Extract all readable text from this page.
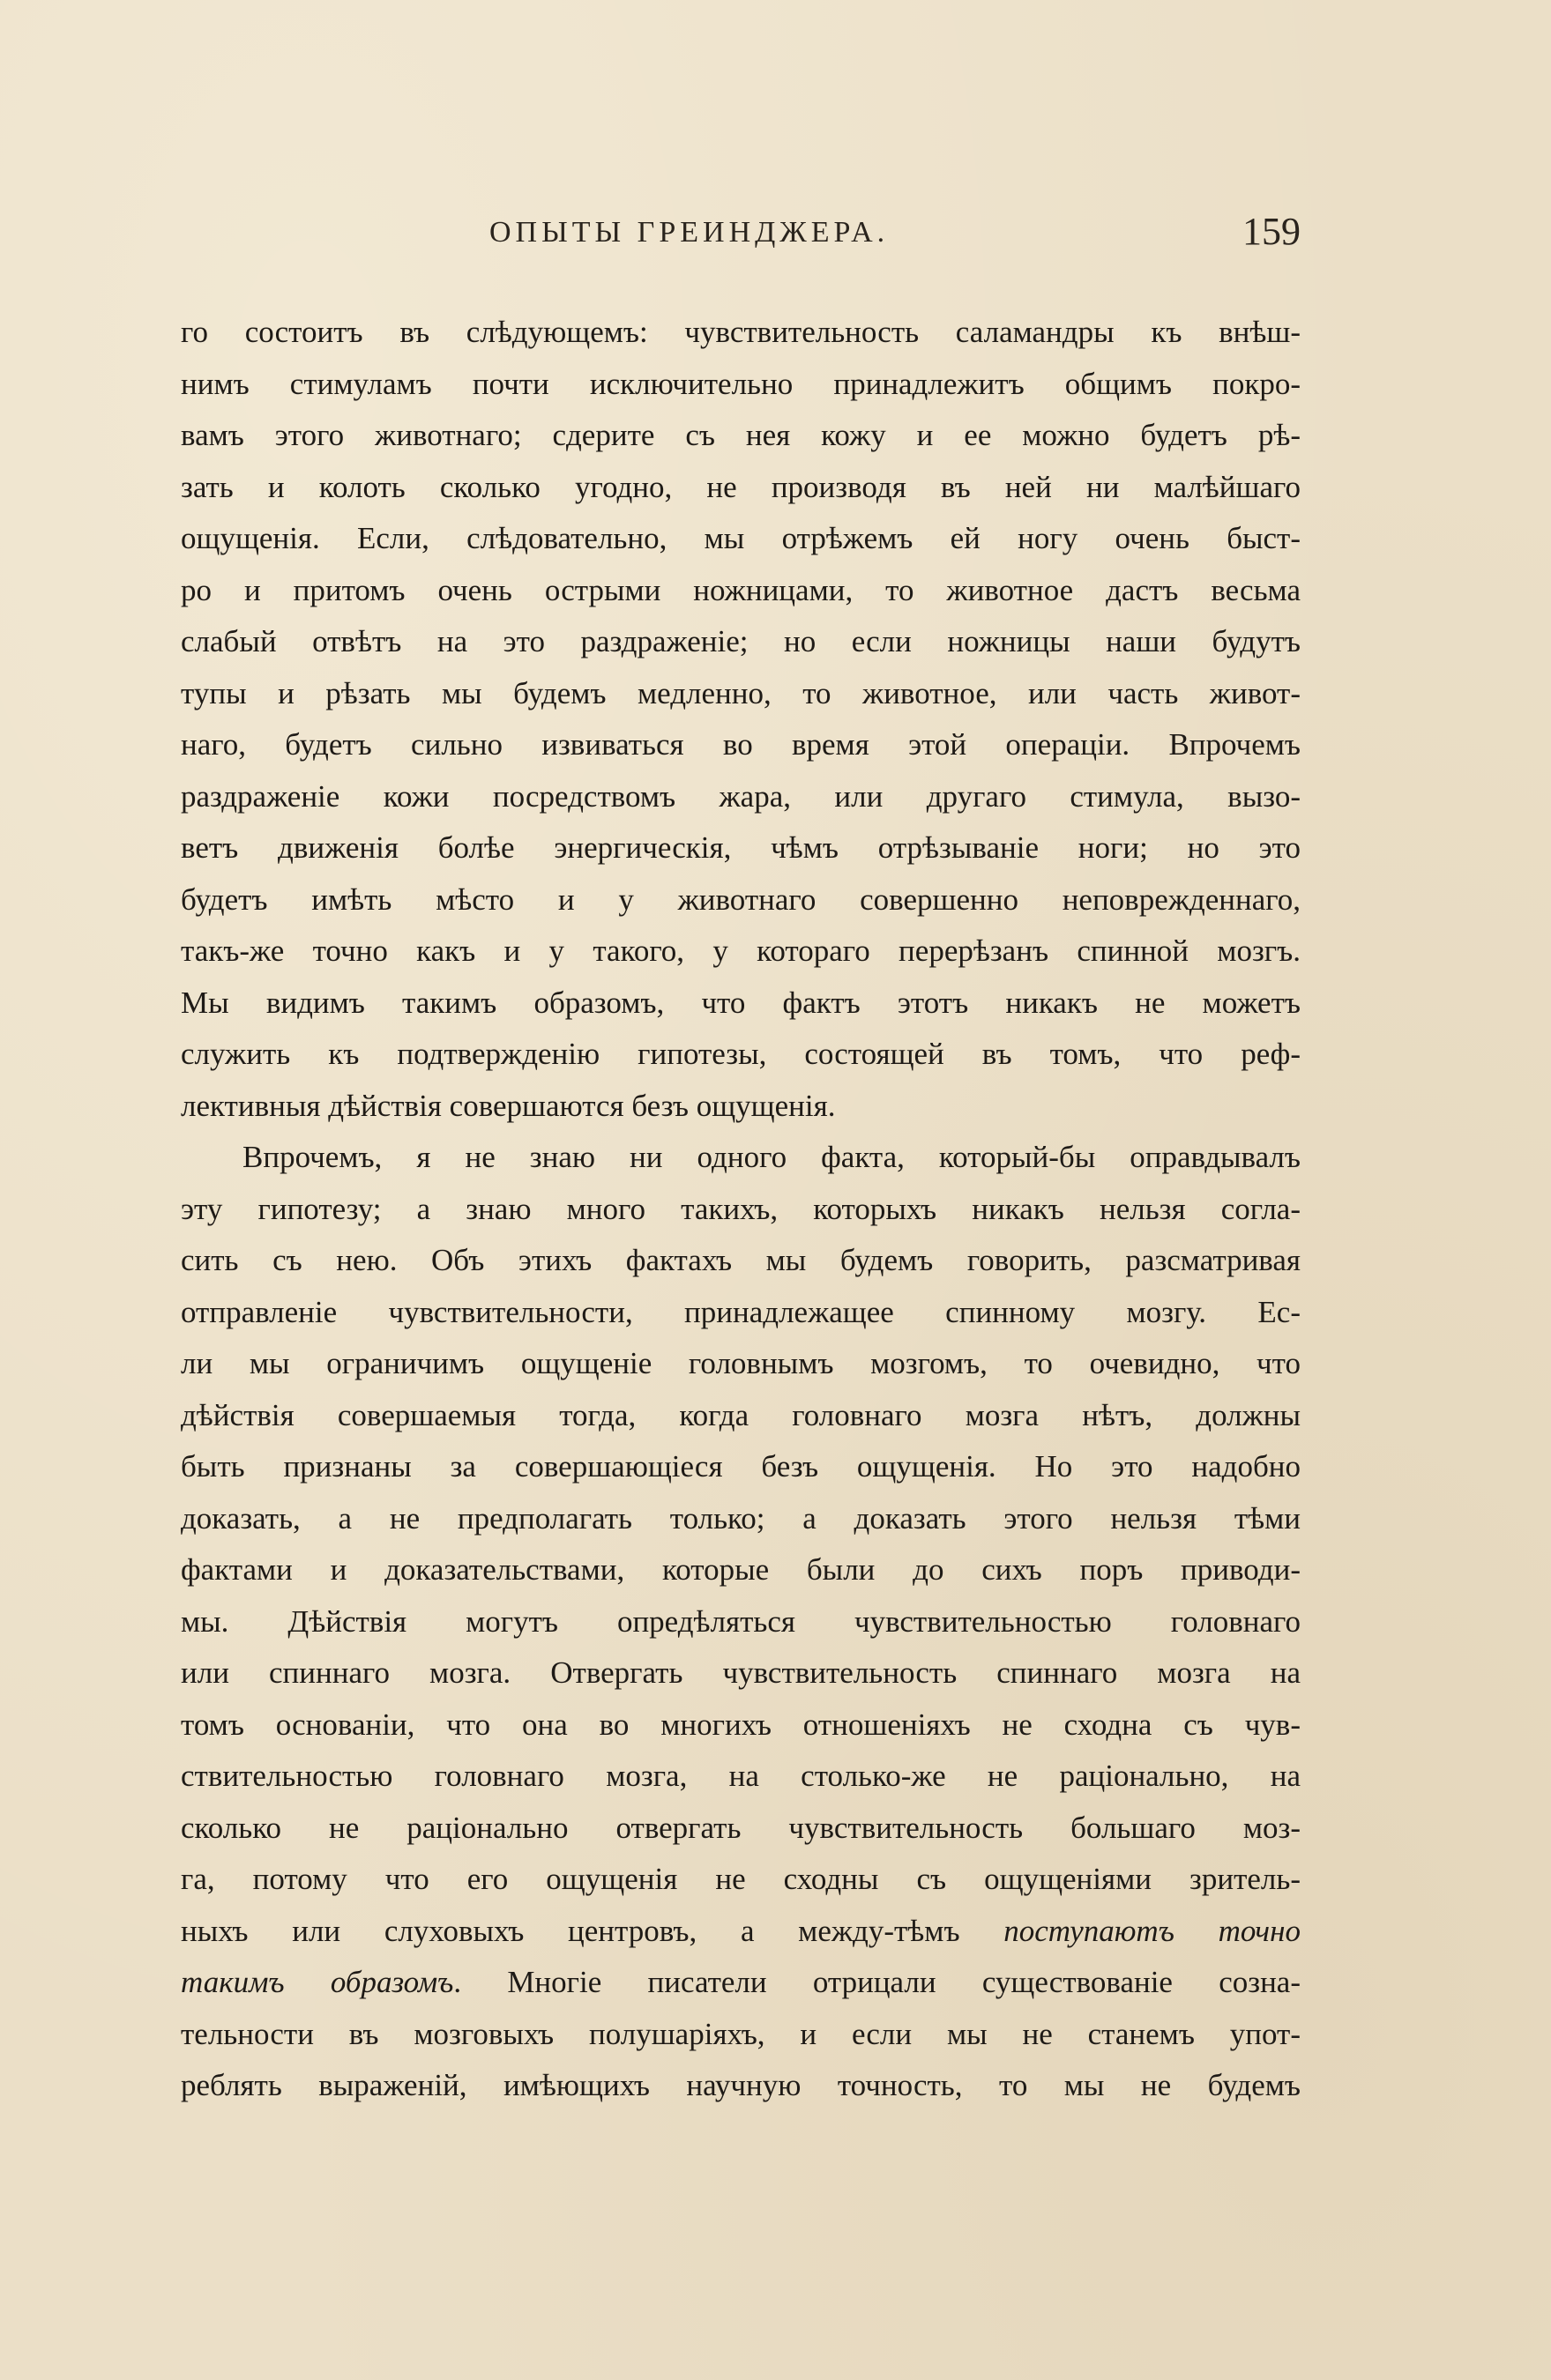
ОПЫТЫ ГРЕИНДЖЕРА.	159
го состоитъ въ слѣдующемъ: чувствительность саламандры къ внѣш-
нимъ стимуламъ почти исключительно принадлежитъ общимъ покро-
вамъ этого животнаго; сдерите съ нея кожу и ее можно будетъ рѣ-
зать и колоть сколько угодно, не производя въ ней ни малѣйшаго
ощущенія. Если, слѣдовательно, мы отрѣжемъ ей ногу очень быст-
ро и притомъ очень острыми ножницами, то животное дастъ весьма
слабый отвѣтъ на это раздраженіе; но если ножницы наши будутъ
тупы и рѣзать мы будемъ медленно, то животное, или часть живот-
наго, будетъ сильно извиваться во время этой операціи. Впрочемъ
раздраженіе кожи посредствомъ жара, или другаго стимула, вызо-
ветъ движенія болѣе энергическія, чѣмъ отрѣзываніе ноги; но это
будетъ имѣть мѣсто и у животнаго совершенно неповрежденнаго,
такъ-же точно какъ и у такого, у котораго перерѣзанъ спинной мозгъ.
Мы видимъ такимъ образомъ, что фактъ этотъ никакъ не можетъ
служить къ подтвержденію гипотезы, состоящей въ томъ, что реф-
лективныя дѣйствія совершаются безъ ощущенія.
Впрочемъ, я не знаю ни одного факта, который-бы оправдывалъ
эту гипотезу; а знаю много такихъ, которыхъ никакъ нельзя согла-
сить съ нею. Объ этихъ фактахъ мы будемъ говорить, разсматривая
отправленіе чувствительности, принадлежащее спинному мозгу. Ес-
ли мы ограничимъ ощущеніе головнымъ мозгомъ, то очевидно, что
дѣйствія совершаемыя тогда, когда головнаго мозга нѣтъ, должны
быть признаны за совершающіеся безъ ощущенія. Но это надобно
доказать, а не предполагать только; а доказать этого нельзя тѣми
фактами и доказательствами, которые были до сихъ поръ приводи-
мы. Дѣйствія могутъ опредѣляться чувствительностью головнаго
или спиннаго мозга. Отвергать чувствительность спиннаго мозга на
томъ основаніи, что она во многихъ отношеніяхъ не сходна съ чув-
ствительностью головнаго мозга, на столько-же не раціонально, на
сколько не раціонально отвергать чувствительность большаго моз-
га, потому что его ощущенія не сходны съ ощущеніями зритель-
ныхъ или слуховыхъ центровъ, а между-тѣмъ поступаютъ точно
такимъ образомъ. Многіе писатели отрицали существованіе созна-
тельности въ мозговыхъ полушаріяхъ, и если мы не станемъ упот-
реблять выраженій, имѣющихъ научную точность, то мы не будемъ
